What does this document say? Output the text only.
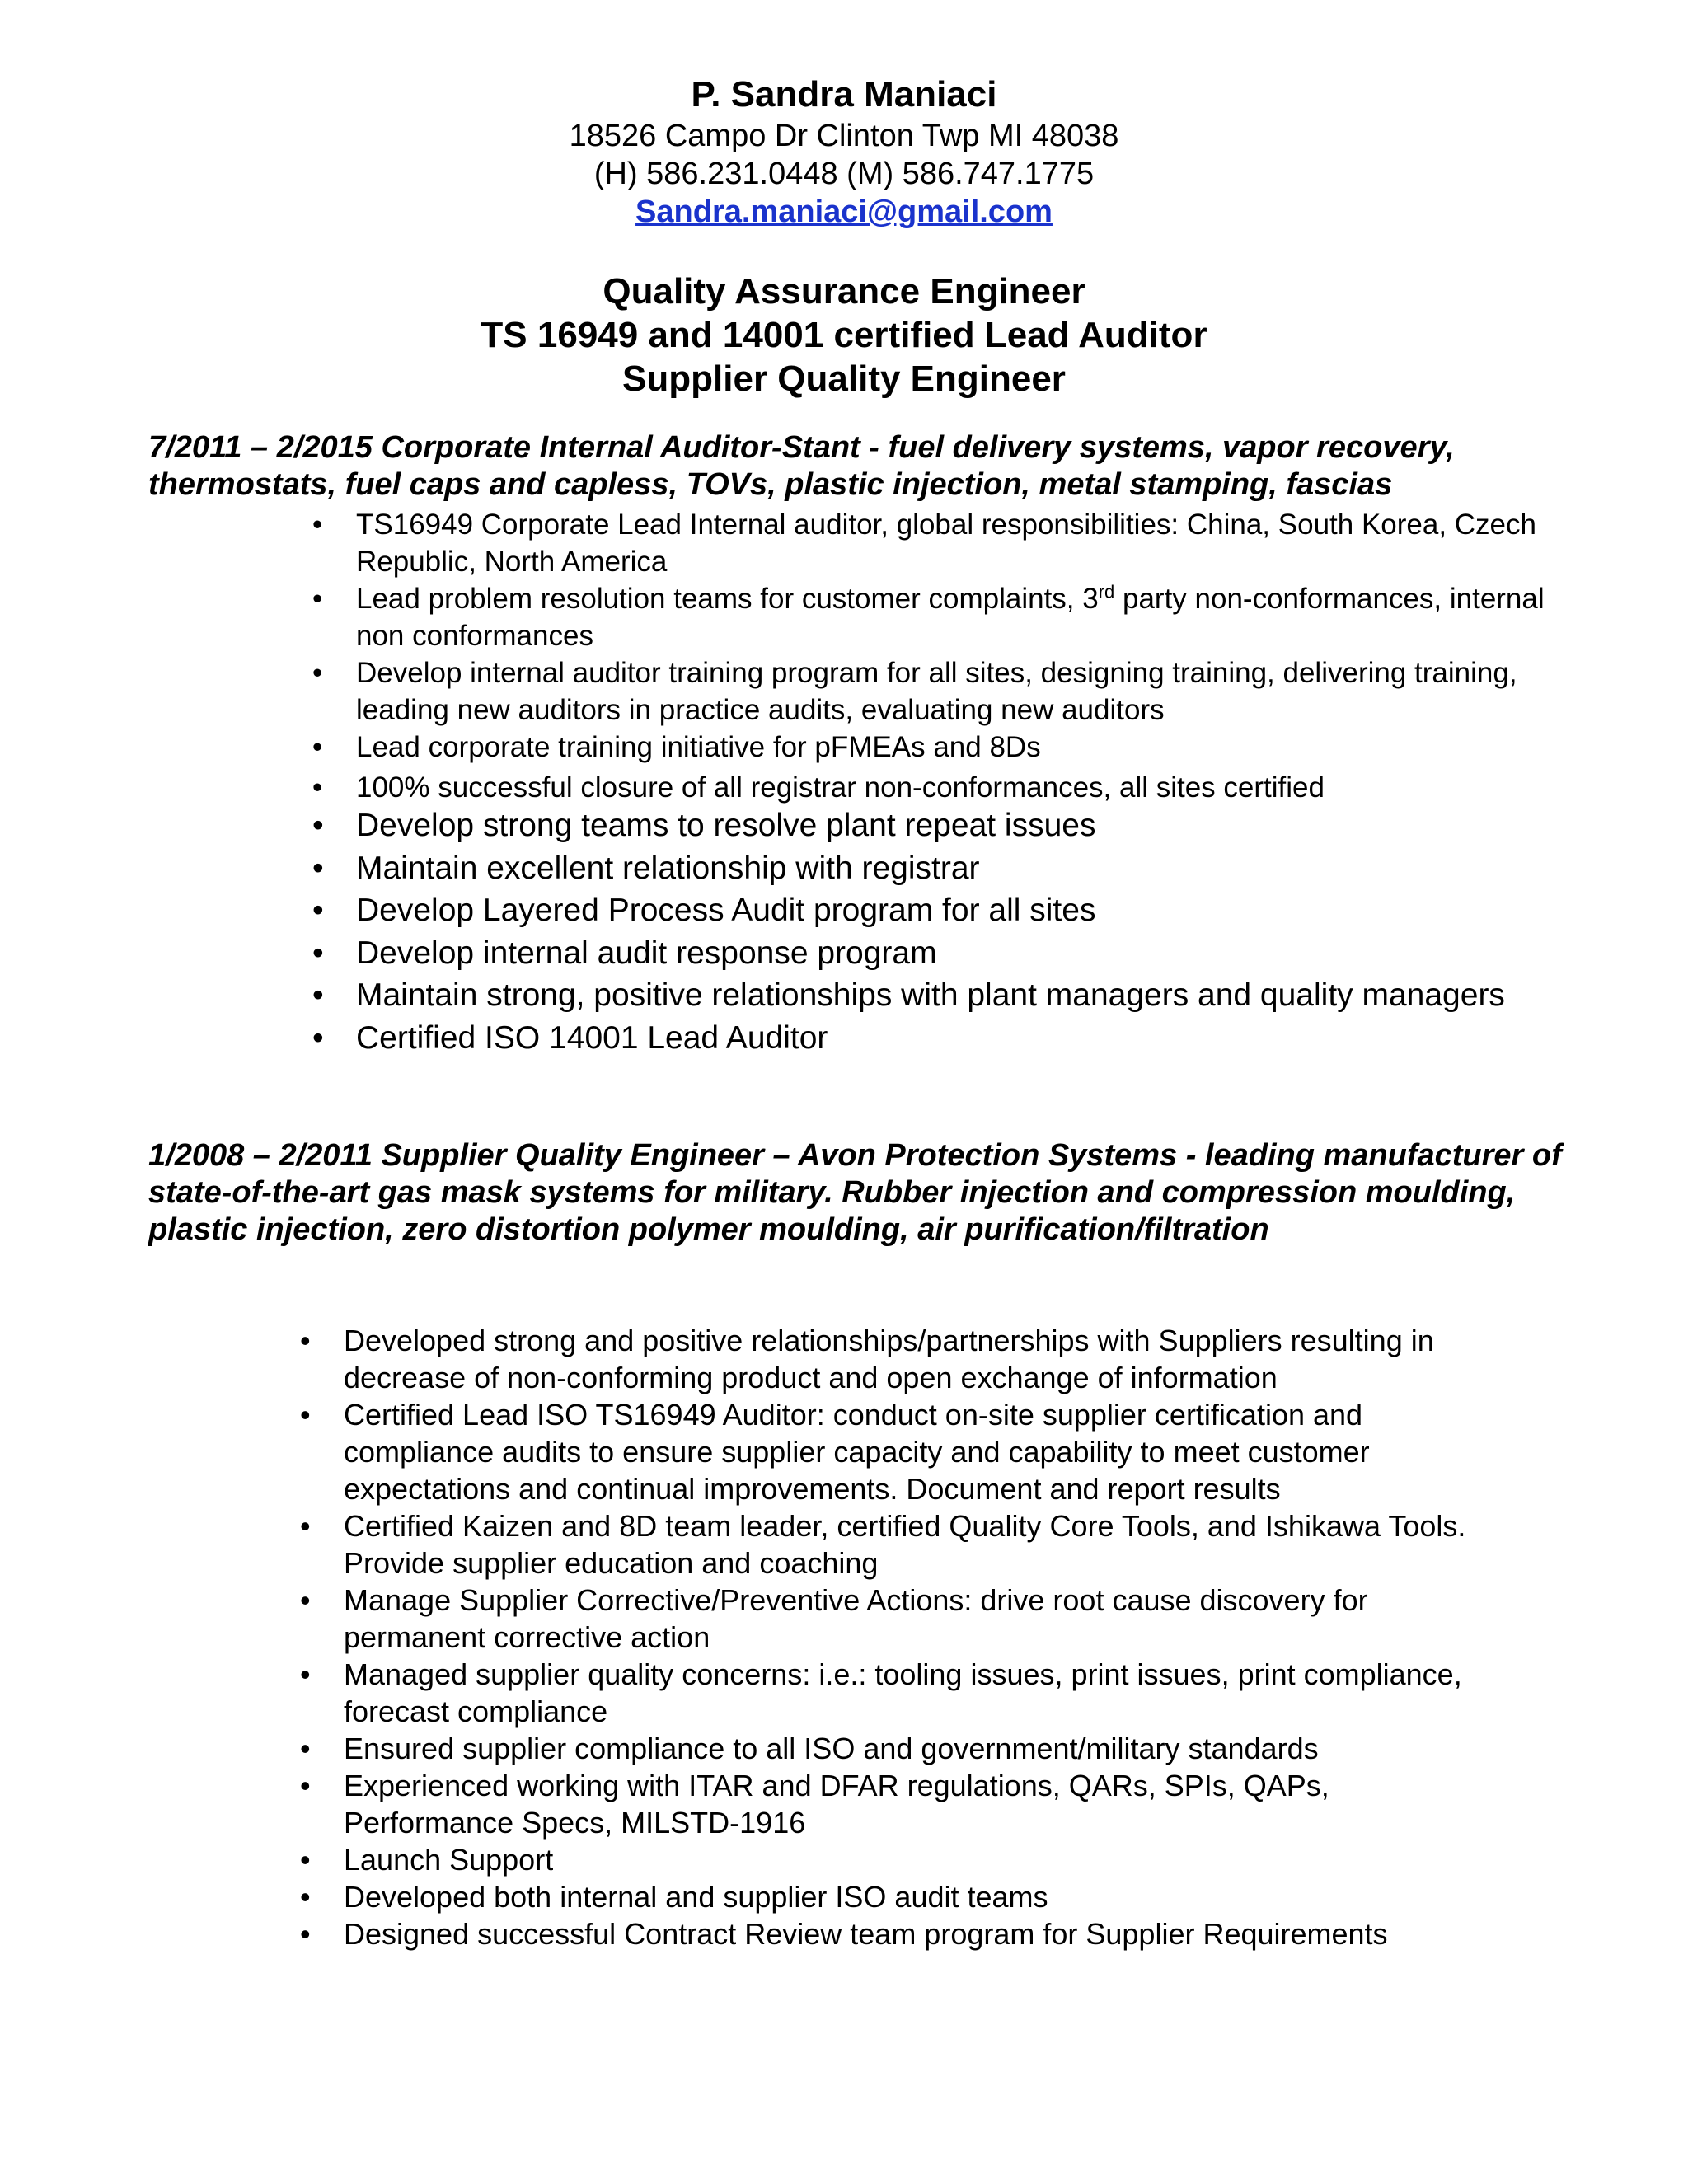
P. Sandra Maniaci

18526 Campo Dr Clinton Twp MI 48038

(H) 586.231.0448 (M) 586.747.1775

Sandra.maniaci@gmail.com

Quality Assurance Engineer

TS 16949 and 14001 certified Lead Auditor

Supplier Quality Engineer

7/2011 – 2/2015 Corporate Internal Auditor-Stant - fuel delivery systems, vapor recovery, thermostats, fuel caps and capless, TOVs, plastic injection, metal stamping, fascias

•	TS16949 Corporate Lead Internal auditor, global responsibilities: China, South Korea, Czech Republic, North America
•	Lead problem resolution teams for customer complaints, 3rd party non-conformances, internal non conformances
•	Develop internal auditor training program for all sites, designing training, delivering training, leading new auditors in practice audits, evaluating new auditors
•	Lead corporate training initiative for pFMEAs and 8Ds
•	100% successful closure of all registrar non-conformances, all sites certified
•	Develop strong teams to resolve plant repeat issues
•	Maintain excellent relationship with registrar
•	Develop Layered Process Audit program for all sites
•	Develop internal audit response program
•	Maintain strong, positive relationships with plant managers and quality managers
•	Certified ISO 14001 Lead Auditor

1/2008 – 2/2011 Supplier Quality Engineer – Avon Protection Systems - leading manufacturer of state-of-the-art gas mask systems for military. Rubber injection and compression moulding, plastic injection, zero distortion polymer moulding, air purification/filtration

•	Developed strong and positive relationships/partnerships with Suppliers resulting in decrease of non-conforming product and open exchange of information
•	Certified Lead ISO TS16949 Auditor: conduct on-site supplier certification and compliance audits to ensure supplier capacity and capability to meet customer expectations and continual improvements. Document and report results
•	Certified Kaizen and 8D team leader, certified Quality Core Tools, and Ishikawa Tools. Provide supplier education and coaching
•	Manage Supplier Corrective/Preventive Actions: drive root cause discovery for permanent corrective action
•	Managed supplier quality concerns: i.e.: tooling issues, print issues, print compliance, forecast compliance
•	Ensured supplier compliance to all ISO and government/military standards
•	Experienced working with ITAR and DFAR regulations, QARs, SPIs, QAPs, Performance Specs, MILSTD-1916
•	Launch Support
•	Developed both internal and supplier ISO audit teams
•	Designed successful Contract Review team program for Supplier Requirements
